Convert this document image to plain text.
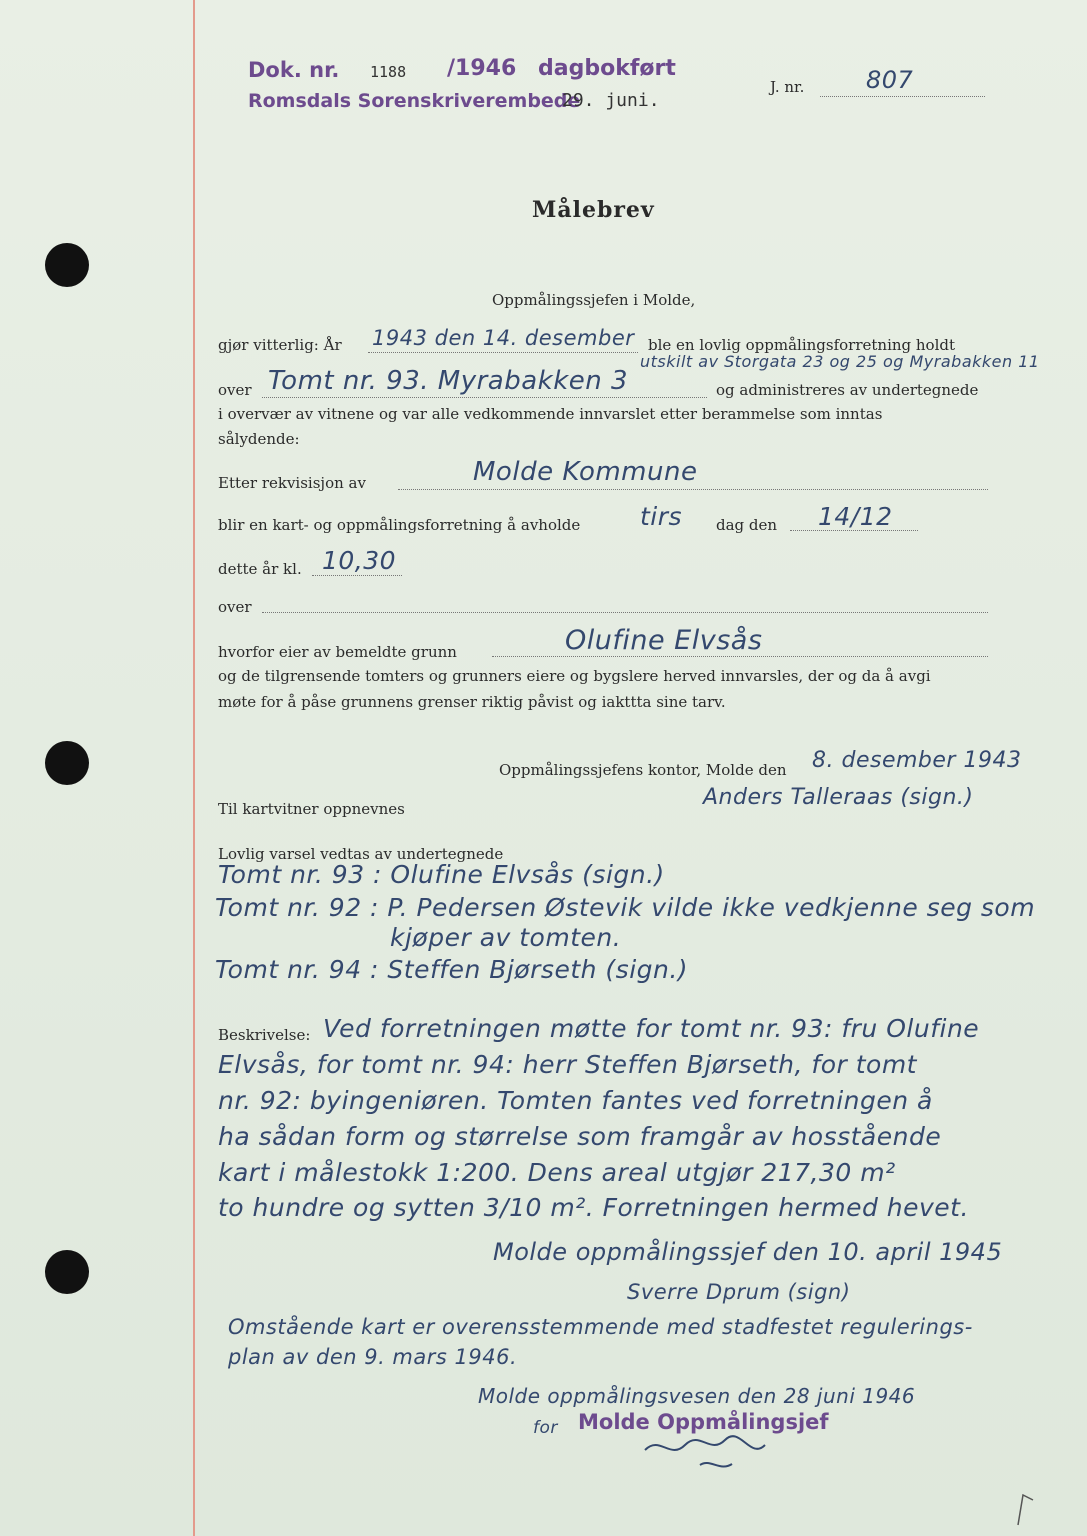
Dok. nr. 1188 /1946 dagbokført
Romsdals Sorenskriverembede
29. juni.
J. nr.	807
Målebrev
Oppmålingssjefen i Molde,
gjør vitterlig: År 1943 den 14. desember ble en lovlig oppmålingsforretning holdt
utskilt av Storgata 23 og 25 og Myrabakken 11
over Tomt nr. 93. Myrabakken 3	og administreres av undertegnede
i overvær av vitnene og var alle vedkommende innvarslet etter berammelse som inntas
sålydende:
Etter rekvisisjon av	Molde Kommune
blir en kart- og oppmålingsforretning å avholde tirs dag den 14/12
dette år kl. 10,30
over
hvorfor eier av bemeldte grunn	Olufine Elvsås
og de tilgrensende tomters og grunners eiere og bygslere herved innvarsles, der og da å avgi
møte for å påse grunnens grenser riktig påvist og iakttta sine tarv.
Oppmålingssjefens kontor, Molde den 8. desember 1943
Anders Talleraas (sign.)
Til kartvitner oppnevnes
Lovlig varsel vedtas av undertegnede
Tomt nr. 93 : Olufine Elvsås (sign.)
Tomt nr. 92 : P. Pedersen Østevik vilde ikke vedkjenne seg som
kjøper av tomten.
Tomt nr. 94 : Steffen Bjørseth (sign.)
Beskrivelse: Ved forretningen møtte for tomt nr. 93: fru Olufine
Elvsås, for tomt nr. 94: herr Steffen Bjørseth, for tomt
nr. 92: byingeniøren. Tomten fantes ved forretningen å
ha sådan form og størrelse som framgår av hosstående
kart i målestokk 1:200. Dens areal utgjør 217,30 m²
to hundre og sytten 3/10 m². Forretningen hermed hevet.
Molde oppmålingssjef den 10. april 1945
Sverre Dprum (sign)
Omstående kart er overensstemmende med stadfestet regulerings-
plan av den 9. mars 1946.
Molde oppmålingsvesen den 28 juni 1946
for Molde Oppmålingsjef
